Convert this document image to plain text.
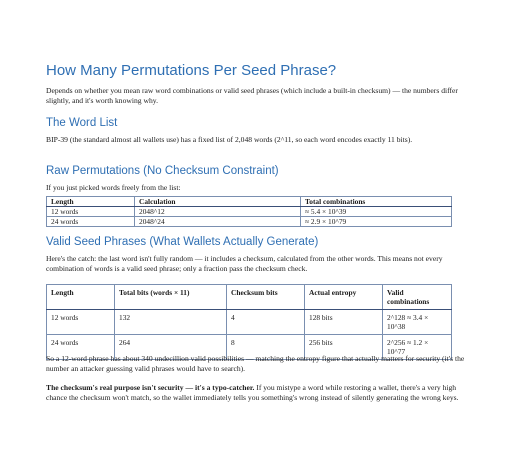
How Many Permutations Per Seed Phrase?

Depends on whether you mean raw word combinations or valid seed phrases (which include a built-in checksum) — the numbers differ slightly, and it's worth knowing why.

The Word List

BIP-39 (the standard almost all wallets use) has a fixed list of 2,048 words (2^11, so each word encodes exactly 11 bits).

Raw Permutations (No Checksum Constraint)

If you just picked words freely from the list:

Length	Calculation	Total combinations
12 words	2048^12	≈ 5.4 × 10^39
24 words	2048^24	≈ 2.9 × 10^79
Valid Seed Phrases (What Wallets Actually Generate)

Here's the catch: the last word isn't fully random — it includes a checksum, calculated from the other words. This means not every combination of words is a valid seed phrase; only a fraction pass the checksum check.

Length	Total bits (words × 11)	Checksum bits	Actual entropy	Valid combinations
12 words	132	4	128 bits	2^128 ≈ 3.4 × 10^38
24 words	264	8	256 bits	2^256 ≈ 1.2 × 10^77

So a 12-word phrase has about 340 undecillion valid possibilities — matching the entropy figure that actually matters for security (it's the number an attacker guessing valid phrases would have to search).

The checksum's real purpose isn't security — it's a typo-catcher. If you mistype a word while restoring a wallet, there's a very high chance the checksum won't match, so the wallet immediately tells you something's wrong instead of silently generating the wrong keys.
